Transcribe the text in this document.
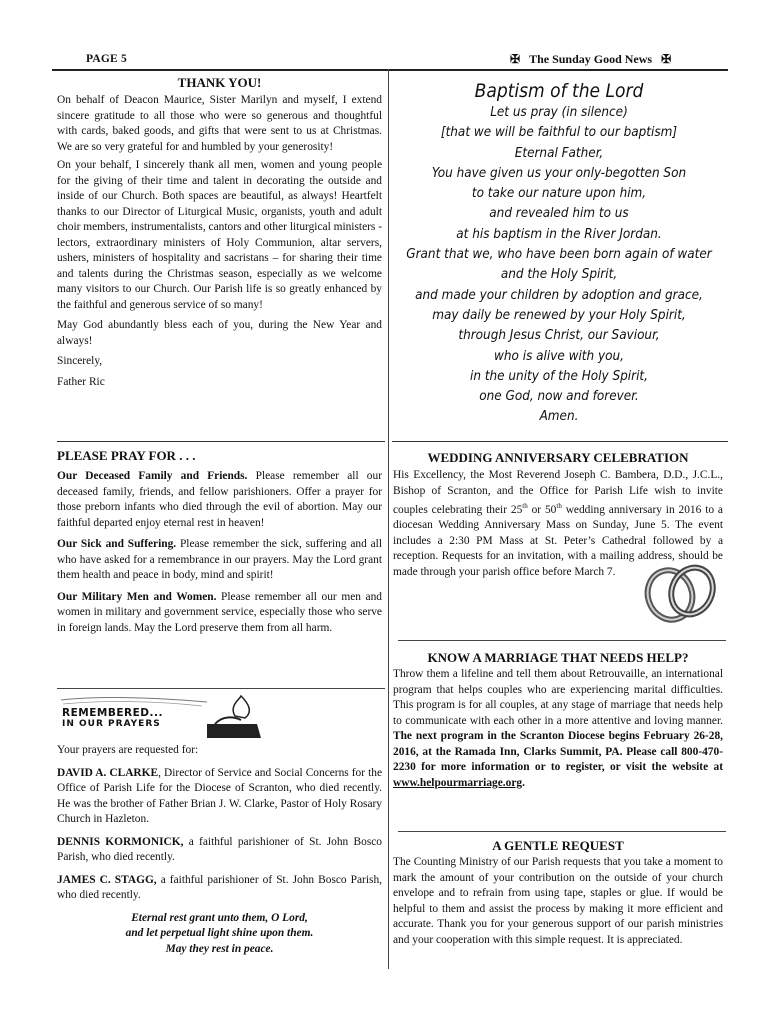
PAGE 5	✠ The Sunday Good News ✠
THANK YOU!

On behalf of Deacon Maurice, Sister Marilyn and myself, I extend sincere gratitude to all those who were so generous and thoughtful with cards, baked goods, and gifts that were sent to us at Christmas. We are so very grateful for and humbled by your generosity!

On your behalf, I sincerely thank all men, women and young people for the giving of their time and talent in decorating the outside and inside of our Church. Both spaces are beautiful, as always! Heartfelt thanks to our Director of Liturgical Music, organists, youth and adult choir members, instrumentalists, cantors and other liturgical ministers - lectors, extraordinary ministers of Holy Communion, altar servers, ushers, ministers of hospitality and sacristans – for sharing their time and talents during the Christmas season, especially as we welcome many visitors to our Church. Our Parish life is so greatly enhanced by the faithful and generous service of so many!

May God abundantly bless each of you, during the New Year and always!

Sincerely,

Father Ric

Baptism of the Lord
Let us pray (in silence)
[that we will be faithful to our baptism]
Eternal Father,
You have given us your only-begotten Son
to take our nature upon him,
and revealed him to us
at his baptism in the River Jordan.
Grant that we, who have been born again of water
and the Holy Spirit,
and made your children by adoption and grace,
may daily be renewed by your Holy Spirit,
through Jesus Christ, our Saviour,
who is alive with you,
in the unity of the Holy Spirit,
one God, now and forever.
Amen.
PLEASE PRAY FOR . . .

Our Deceased Family and Friends. Please remember all our deceased family, friends, and fellow parishioners. Offer a prayer for those preborn infants who died through the evil of abortion. May our faithful departed enjoy eternal rest in heaven!

Our Sick and Suffering. Please remember the sick, suffering and all who have asked for a remembrance in our prayers. May the Lord grant them health and peace in body, mind and spirit!

Our Military Men and Women. Please remember all our men and women in military and government service, especially those who serve in foreign lands. May the Lord preserve them from all harm.

REMEMBERED...
IN OUR PRAYERS

Your prayers are requested for:

DAVID A. CLARKE, Director of Service and Social Concerns for the Office of Parish Life for the Diocese of Scranton, who died recently. He was the brother of Father Brian J. W. Clarke, Pastor of Holy Rosary Church in Hazleton.

DENNIS KORMONICK, a faithful parishioner of St. John Bosco Parish, who died recently.

JAMES C. STAGG, a faithful parishioner of St. John Bosco Parish, who died recently.

Eternal rest grant unto them, O Lord,
and let perpetual light shine upon them.
May they rest in peace.
WEDDING ANNIVERSARY CELEBRATION

His Excellency, the Most Reverend Joseph C. Bambera, D.D., J.C.L., Bishop of Scranton, and the Office for Parish Life wish to invite couples celebrating their 25th or 50th wedding anniversary in 2016 to a diocesan Wedding Anniversary Mass on Sunday, June 5. The event includes a 2:30 PM Mass at St. Peter’s Cathedral followed by a reception. Requests for an invitation, with a mailing address, should be made through your parish office before March 7.

KNOW A MARRIAGE THAT NEEDS HELP?

Throw them a lifeline and tell them about Retrouvaille, an international program that helps couples who are experiencing marital difficulties. This program is for all couples, at any stage of marriage that needs help to communicate with each other in a more attentive and loving manner. The next program in the Scranton Diocese begins February 26-28, 2016, at the Ramada Inn, Clarks Summit, PA. Please call 800-470-2230 for more information or to register, or visit the website at www.helpourmarriage.org.

A GENTLE REQUEST

The Counting Ministry of our Parish requests that you take a moment to mark the amount of your contribution on the outside of your church envelope and to refrain from using tape, staples or glue. If would be helpful to them and assist the process by making it more efficient and accurate. Thank you for your generous support of our parish ministries and your cooperation with this simple request. It is appreciated.
